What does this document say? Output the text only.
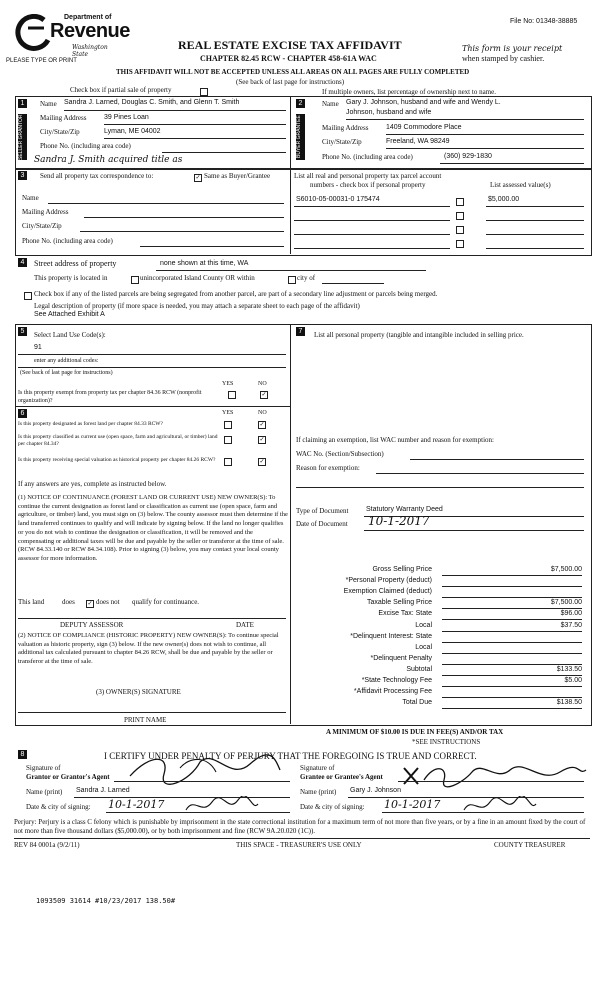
File No: 01348-38885
Department of
Revenue
Washington State
PLEASE TYPE OR PRINT
REAL ESTATE EXCISE TAX AFFIDAVIT
CHAPTER 82.45 RCW - CHAPTER 458-61A WAC
This form is your receipt
when stamped by cashier.
THIS AFFIDAVIT WILL NOT BE ACCEPTED UNLESS ALL AREAS ON ALL PAGES ARE FULLY COMPLETED
Check box if partial sale of property
(See back of last page for instructions)
If multiple owners, list percentage of ownership next to name.
1
SELLER GRANTOR
Name Sandra J. Larned, Douglas C. Smith, and Glenn T. Smith
Mailing Address	39 Pines Loan
City/State/Zip	Lyman, ME 04002
Phone No. (including area code)
Sandra J. Smith acquired title as
2
BUYER GRANTEE
Name Gary J. Johnson, husband and wife and Wendy L.
Johnson, husband and wife
Mailing Address	1409 Commodore Place
City/State/Zip	Freeland, WA 98249
Phone No. (including area code)	(360) 929-1830
3	Send all property tax correspondence to:	✓ Same as Buyer/Grantee
Name
Mailing Address
City/State/Zip
Phone No. (including area code)
List all real and personal property tax parcel account
numbers - check box if personal property	List assessed value(s)
S6010-05-00031-0 175474	$5,000.00
4	Street address of property	none shown at this time, WA
This property is located in	unincorporated Island County OR within	city of
Check box if any of the listed parcels are being segregated from another parcel, are part of a secondary line adjustment or parcels being merged.
Legal description of property (if more space is needed, you may attach a separate sheet to each page of the affidavit)
See Attached Exhibit A
5	Select Land Use Code(s):
91
enter any additional codes:
(See back of last page for instructions)
YES	NO
Is this property exempt from property tax per chapter 84.36 RCW (nonprofit organization)?
✓
6	YES	NO
Is this property designated as forest land per chapter 84.33 RCW?	✓
Is this property classified as current use (open space, farm and agricultural, or timber) land per chapter 84.34?
✓
Is this property receiving special valuation as historical property per chapter 84.26 RCW?	✓
If any answers are yes, complete as instructed below.
(1) NOTICE OF CONTINUANCE (FOREST LAND OR CURRENT USE) NEW OWNER(S): To continue the current designation as forest land or classification as current use (open space, farm and agriculture, or timber) land, you must sign on (3) below. The county assessor must then determine if the land transferred continues to qualify and will indicate by signing below. If the land no longer qualifies or you do not wish to continue the designation or classification, it will be removed and the compensating or additional taxes will be due and payable by the seller or transferor at the time of sale. (RCW 84.33.140 or RCW 84.34.108). Prior to signing (3) below, you may contact your local county assessor for more information.
This land	does ✓ does not qualify for continuance.
DEPUTY ASSESSOR	DATE
(2) NOTICE OF COMPLIANCE (HISTORIC PROPERTY) NEW OWNER(S): To continue special valuation as historic property, sign (3) below. If the new owner(s) does not wish to continue, all additional tax calculated pursuant to chapter 84.26 RCW, shall be due and payable by the seller or transferor at the time of sale.
(3) OWNER(S) SIGNATURE
PRINT NAME
7	List all personal property (tangible and intangible included in selling price.
If claiming an exemption, list WAC number and reason for exemption:
WAC No. (Section/Subsection)
Reason for exemption:
Type of Document	Statutory Warranty Deed
Date of Document 10-1-2017
Gross Selling Price	$7,500.00
*Personal Property (deduct)
Exemption Claimed (deduct)
Taxable Selling Price	$7,500.00
Excise Tax: State	$96.00
Local	$37.50
*Delinquent Interest: State
Local
*Delinquent Penalty
Subtotal	$133.50
*State Technology Fee	$5.00
*Affidavit Processing Fee
Total Due	$138.50
A MINIMUM OF $10.00 IS DUE IN FEE(S) AND/OR TAX
*SEE INSTRUCTIONS
8	I CERTIFY UNDER PENALTY OF PERJURY THAT THE FOREGOING IS TRUE AND CORRECT.
Signature of
Grantor or Grantor's Agent
Name (print) Sandra J. Larned
Date & city of signing: 10-1-2017
Signature of
Grantee or Grantee's Agent
Name (print) Gary J. Johnson
Date & city of signing: 10-1-2017
Perjury: Perjury is a class C felony which is punishable by imprisonment in the state correctional institution for a maximum term of not more than five years, or by a fine in an amount fixed by the court of not more than five thousand dollars ($5,000.00), or by both imprisonment and fine (RCW 9A.20.020 (1C)).
REV 84 0001a (9/2/11)	THIS SPACE - TREASURER'S USE ONLY	COUNTY TREASURER
1093509 31614 #10/23/2017 138.50#
